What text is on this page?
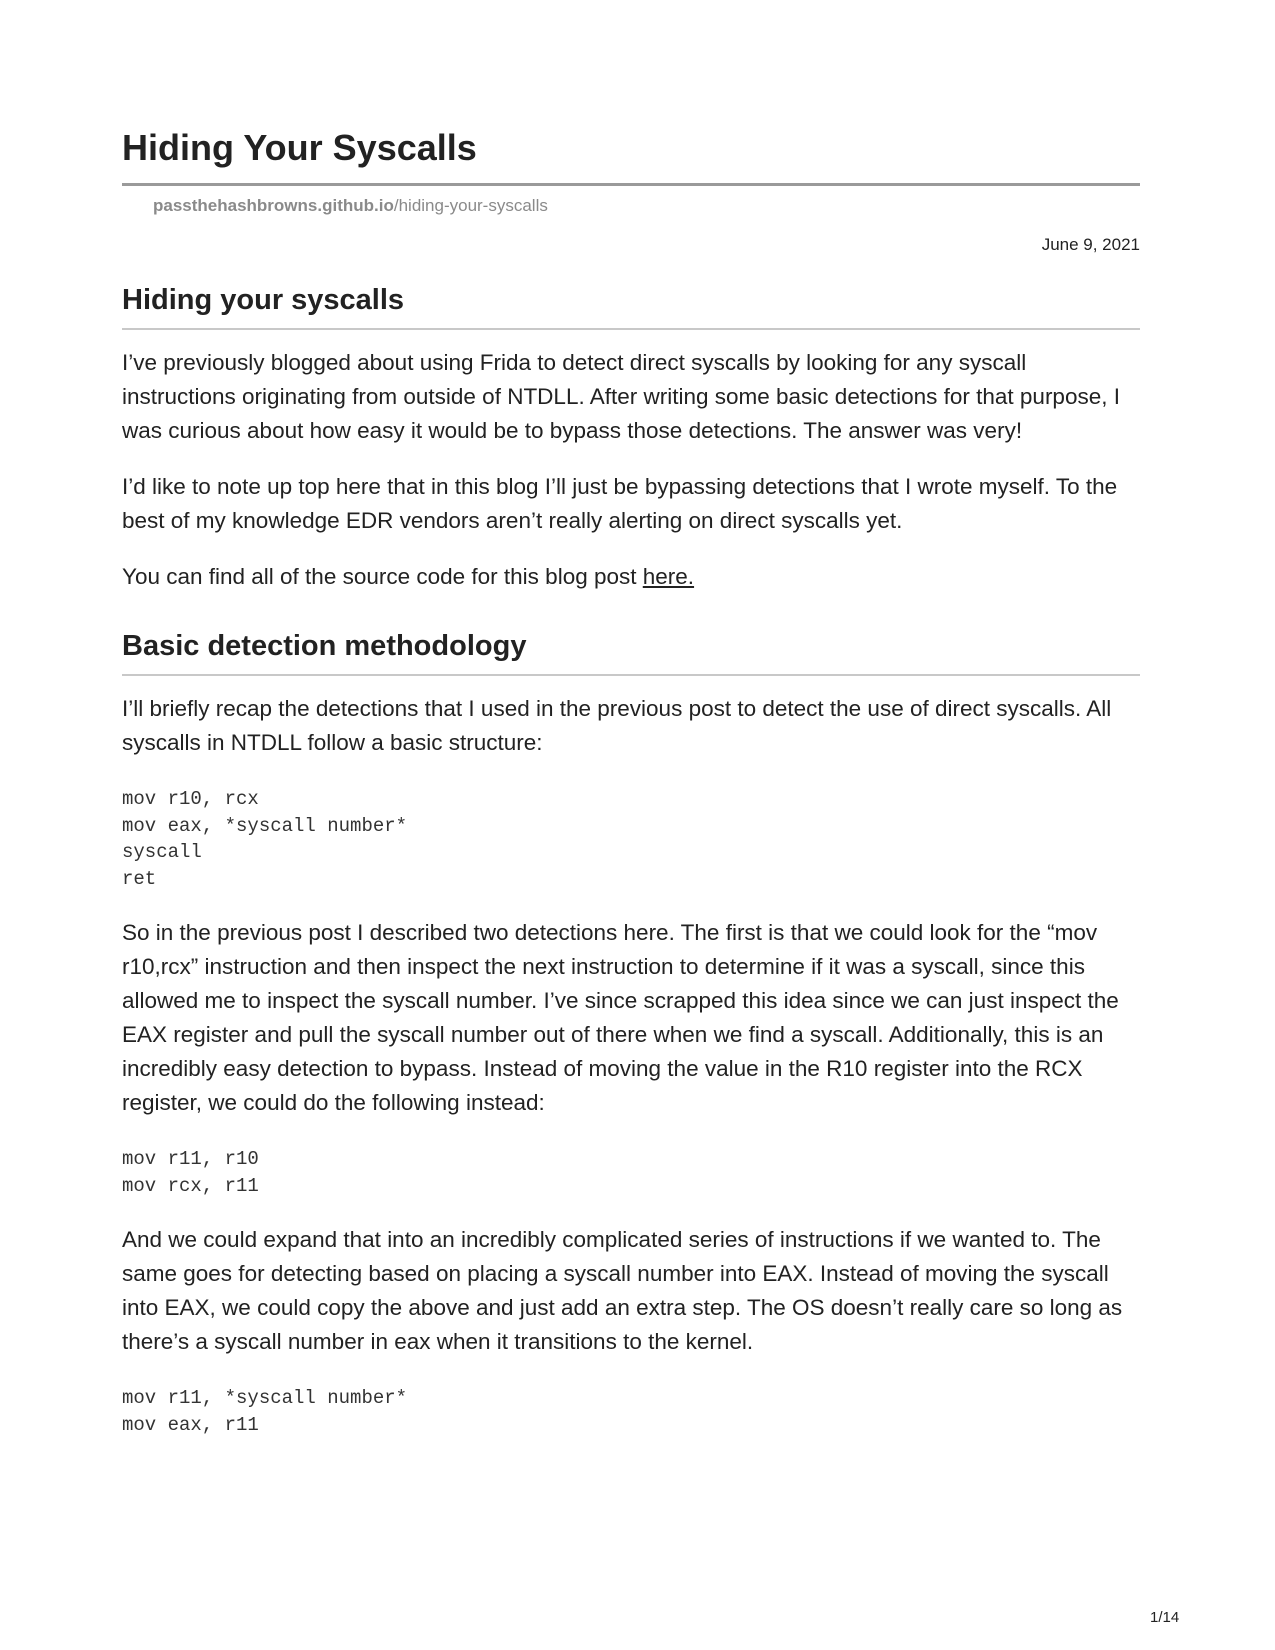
Hiding Your Syscalls
passthehashbrowns.github.io/hiding-your-syscalls
June 9, 2021
Hiding your syscalls

I’ve previously blogged about using Frida to detect direct syscalls by looking for any syscall instructions originating from outside of NTDLL. After writing some basic detections for that purpose, I was curious about how easy it would be to bypass those detections. The answer was very!

I’d like to note up top here that in this blog I’ll just be bypassing detections that I wrote myself. To the best of my knowledge EDR vendors aren’t really alerting on direct syscalls yet.

You can find all of the source code for this blog post here.

Basic detection methodology

I’ll briefly recap the detections that I used in the previous post to detect the use of direct syscalls. All syscalls in NTDLL follow a basic structure:

mov r10, rcx
mov eax, *syscall number*
syscall
ret

So in the previous post I described two detections here. The first is that we could look for the “mov r10,rcx” instruction and then inspect the next instruction to determine if it was a syscall, since this allowed me to inspect the syscall number. I’ve since scrapped this idea since we can just inspect the EAX register and pull the syscall number out of there when we find a syscall. Additionally, this is an incredibly easy detection to bypass. Instead of moving the value in the R10 register into the RCX register, we could do the following instead:

mov r11, r10
mov rcx, r11

And we could expand that into an incredibly complicated series of instructions if we wanted to. The same goes for detecting based on placing a syscall number into EAX. Instead of moving the syscall into EAX, we could copy the above and just add an extra step. The OS doesn’t really care so long as there’s a syscall number in eax when it transitions to the kernel.

mov r11, *syscall number*
mov eax, r11
1/14
